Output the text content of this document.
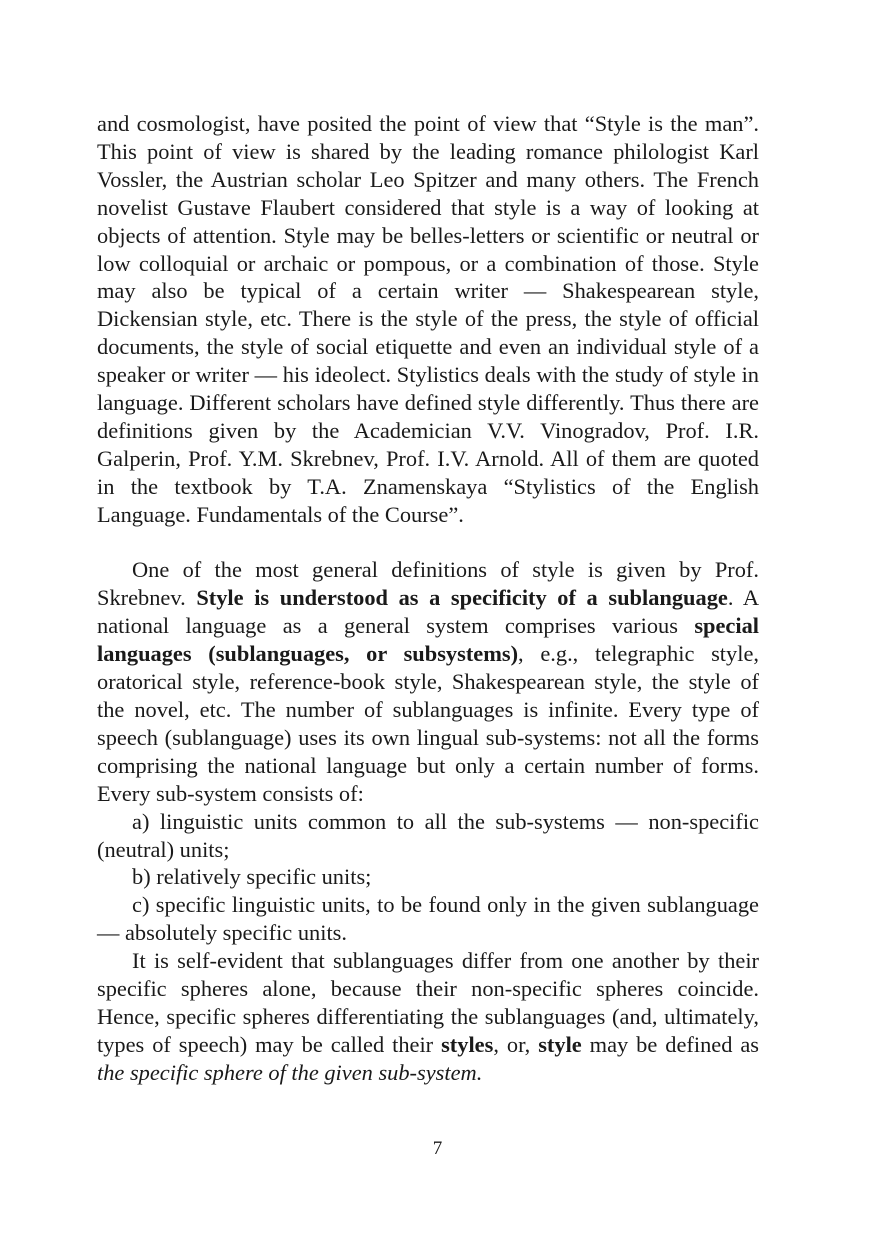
and cosmologist, have posited the point of view that “Style is the man”. This point of view is shared by the leading romance philologist Karl Vossler, the Austrian scholar Leo Spitzer and many others. The French novelist Gustave Flaubert considered that style is a way of looking at objects of attention. Style may be belles-letters or scientific or neutral or low colloquial or archaic or pompous, or a combination of those. Style may also be typical of a certain writer — Shakespearean style, Dickensian style, etc. There is the style of the press, the style of official documents, the style of social etiquette and even an individual style of a speaker or writer — his ideolect. Stylistics deals with the study of style in language. Different scholars have defined style differently. Thus there are definitions given by the Academician V.V. Vinogradov, Prof. I.R. Galperin, Prof. Y.M. Skrebnev, Prof. I.V. Arnold. All of them are quoted in the textbook by T.A. Znamenskaya “Stylistics of the English Language. Fundamentals of the Course”.

One of the most general definitions of style is given by Prof. Skrebnev. Style is understood as a specificity of a sublanguage. A national language as a general system comprises various special languages (sublanguages, or subsystems), e.g., telegraphic style, oratorical style, reference-book style, Shakespearean style, the style of the novel, etc. The number of sublanguages is infinite. Every type of speech (sublanguage) uses its own lingual sub-systems: not all the forms comprising the national language but only a certain number of forms. Every sub-system consists of:

a) linguistic units common to all the sub-systems — non-specific (neutral) units;

b) relatively specific units;

c) specific linguistic units, to be found only in the given sublanguage — absolutely specific units.

It is self-evident that sublanguages differ from one another by their specific spheres alone, because their non-specific spheres coincide. Hence, specific spheres differentiating the sublanguages (and, ultimately, types of speech) may be called their styles, or, style may be defined as the specific sphere of the given sub-system.

7
